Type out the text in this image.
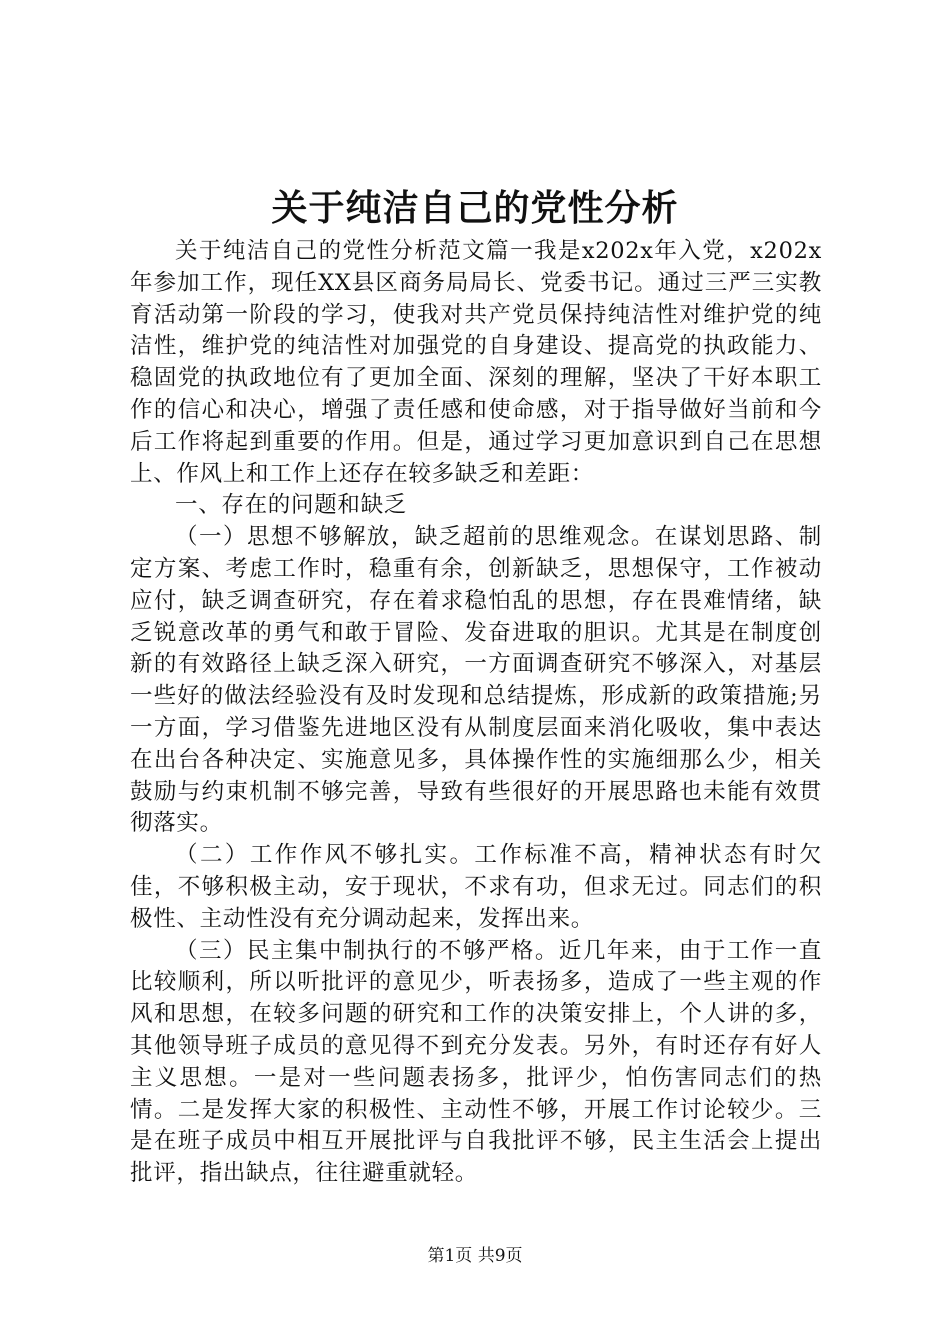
关于纯洁自己的党性分析

关于纯洁自己的党性分析范文篇一我是x202x年入党，x202x年参加工作，现任XX县区商务局局长、党委书记。通过三严三实教育活动第一阶段的学习，使我对共产党员保持纯洁性对维护党的纯洁性，维护党的纯洁性对加强党的自身建设、提高党的执政能力、稳固党的执政地位有了更加全面、深刻的理解，坚决了干好本职工作的信心和决心，增强了责任感和使命感，对于指导做好当前和今后工作将起到重要的作用。但是，通过学习更加意识到自己在思想上、作风上和工作上还存在较多缺乏和差距：

一、存在的问题和缺乏

（一）思想不够解放，缺乏超前的思维观念。在谋划思路、制定方案、考虑工作时，稳重有余，创新缺乏，思想保守，工作被动应付，缺乏调查研究，存在着求稳怕乱的思想，存在畏难情绪，缺乏锐意改革的勇气和敢于冒险、发奋进取的胆识。尤其是在制度创新的有效路径上缺乏深入研究，一方面调查研究不够深入，对基层一些好的做法经验没有及时发现和总结提炼，形成新的政策措施;另一方面，学习借鉴先进地区没有从制度层面来消化吸收，集中表达在出台各种决定、实施意见多，具体操作性的实施细那么少，相关鼓励与约束机制不够完善，导致有些很好的开展思路也未能有效贯彻落实。

（二）工作作风不够扎实。工作标准不高，精神状态有时欠佳，不够积极主动，安于现状，不求有功，但求无过。同志们的积极性、主动性没有充分调动起来，发挥出来。

（三）民主集中制执行的不够严格。近几年来，由于工作一直比较顺利，所以听批评的意见少，听表扬多，造成了一些主观的作风和思想，在较多问题的研究和工作的决策安排上，个人讲的多，其他领导班子成员的意见得不到充分发表。另外，有时还存有好人主义思想。一是对一些问题表扬多，批评少，怕伤害同志们的热情。二是发挥大家的积极性、主动性不够，开展工作讨论较少。三是在班子成员中相互开展批评与自我批评不够，民主生活会上提出批评，指出缺点，往往避重就轻。

第1页 共9页
